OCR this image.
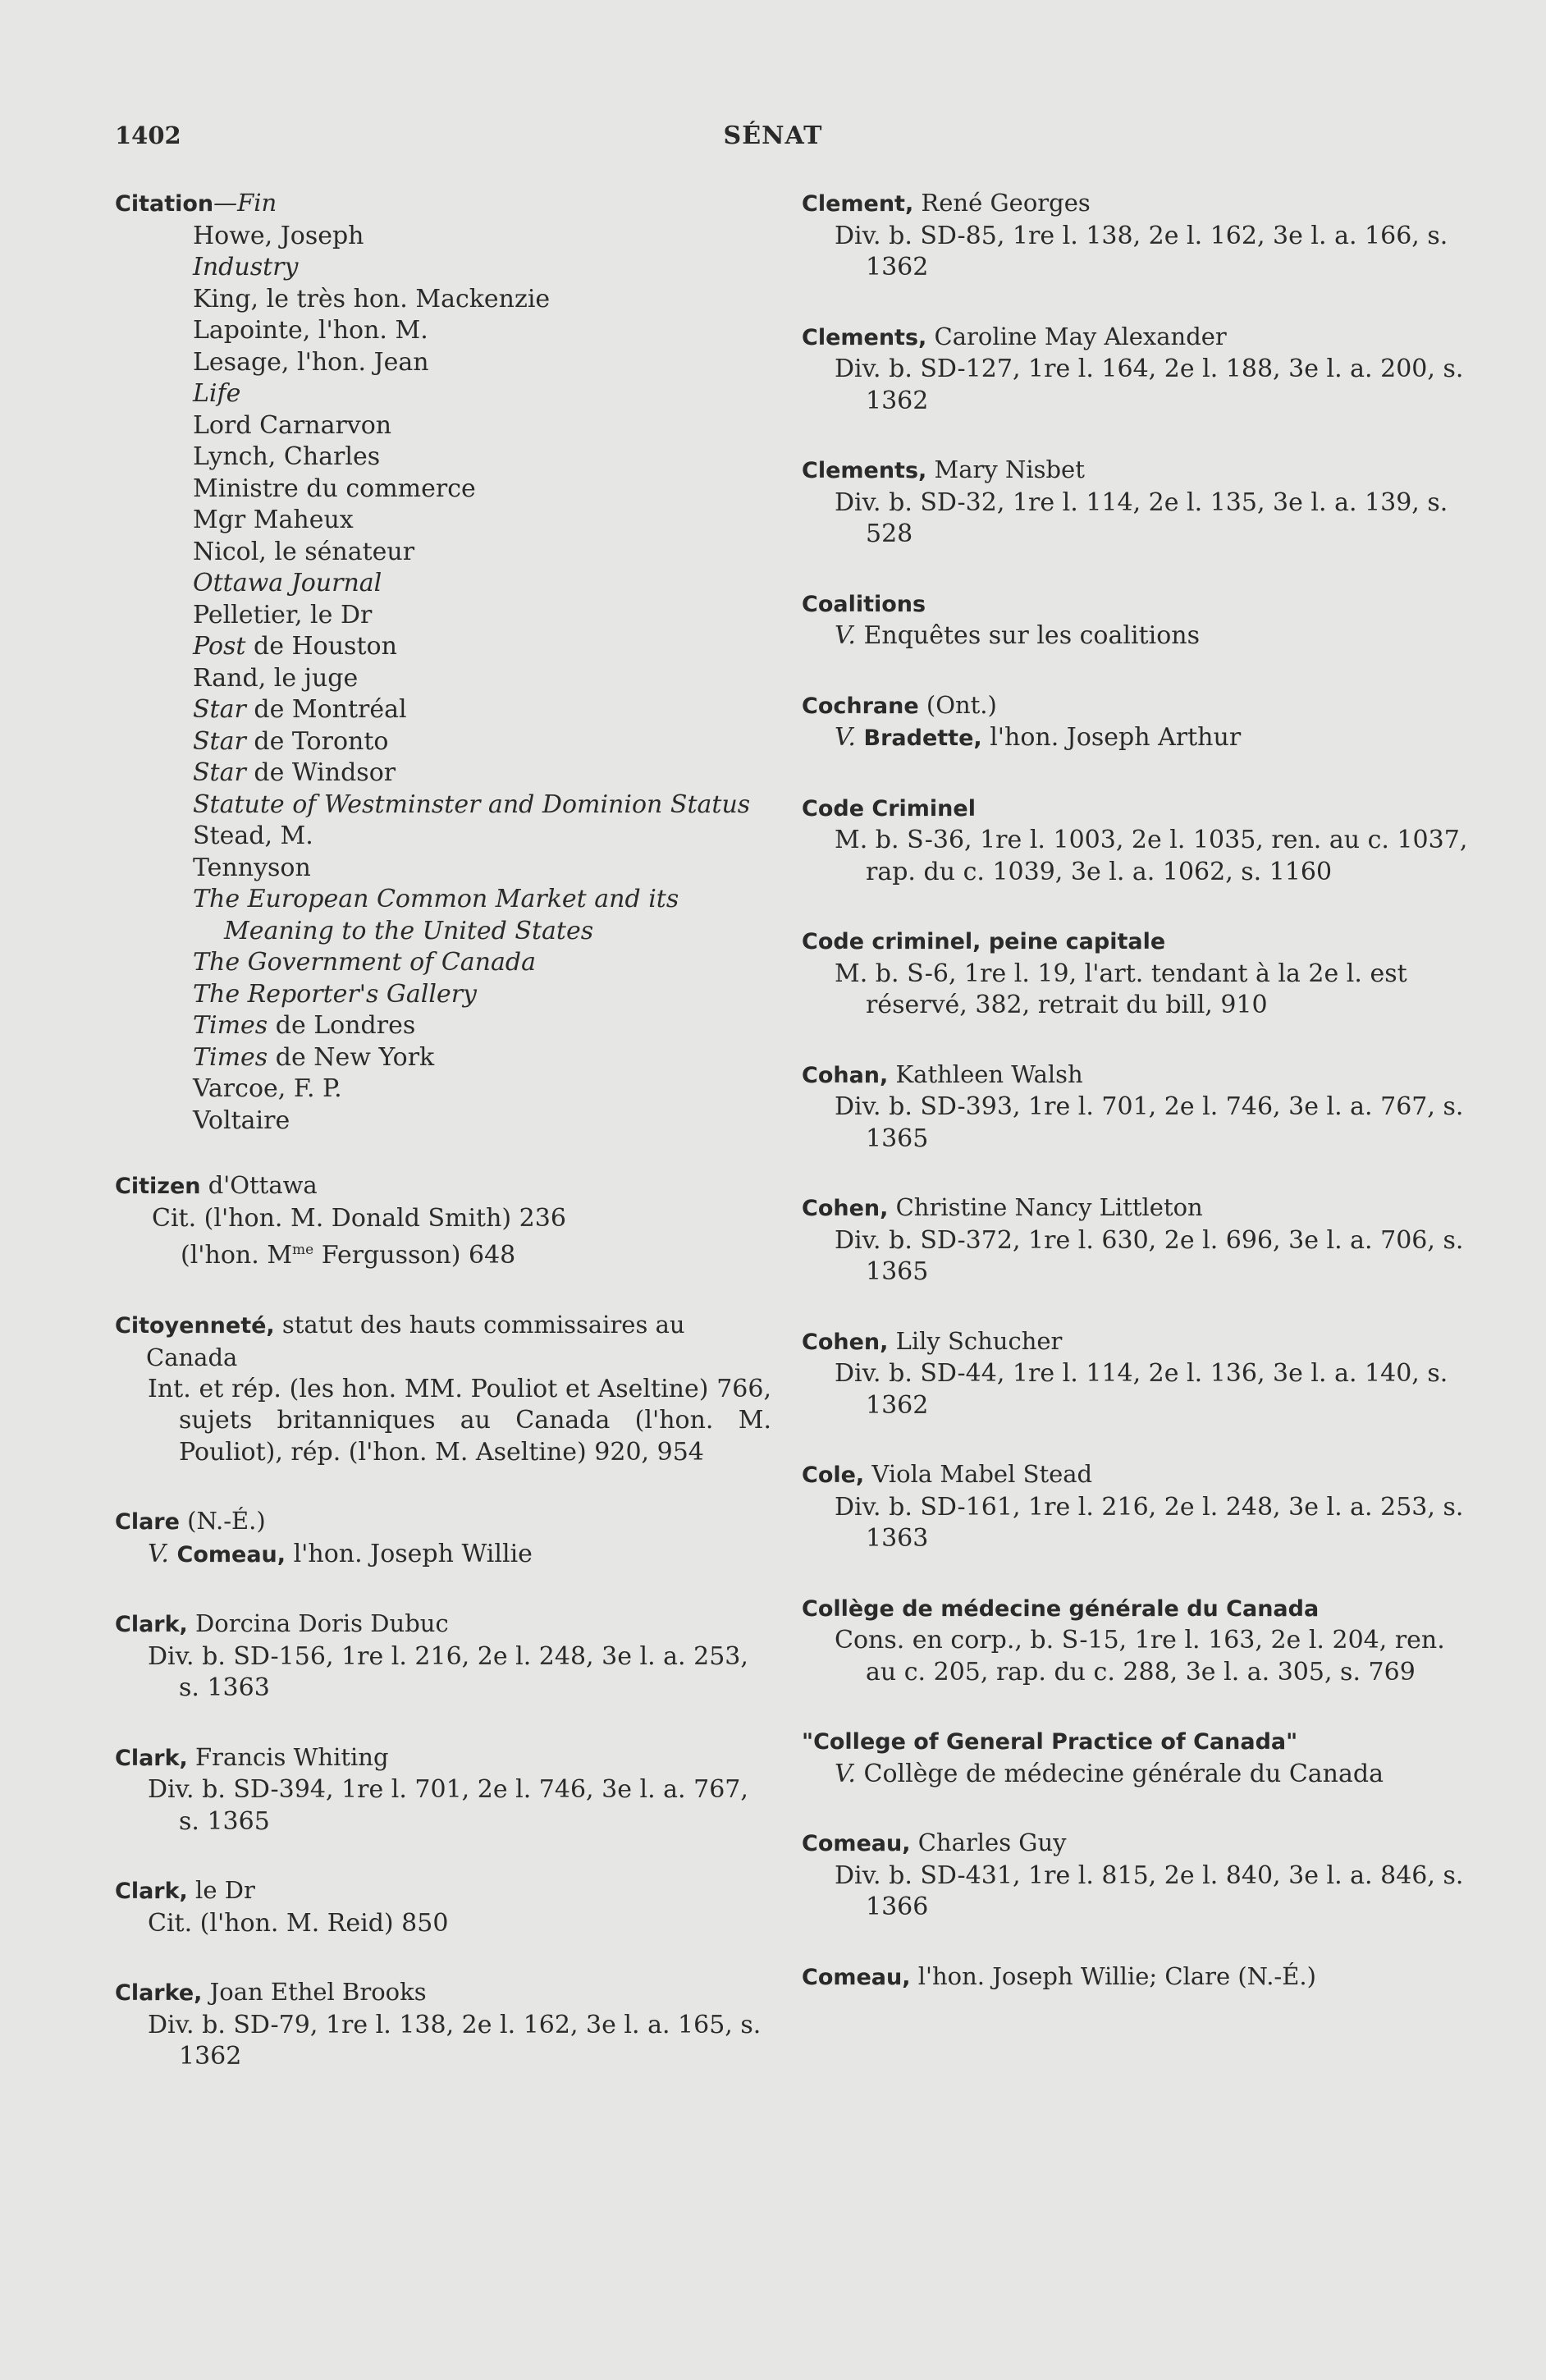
1402	SÉNAT
Citation—Fin
Howe, Joseph
Industry
King, le très hon. Mackenzie
Lapointe, l'hon. M.
Lesage, l'hon. Jean
Life
Lord Carnarvon
Lynch, Charles
Ministre du commerce
Mgr Maheux
Nicol, le sénateur
Ottawa Journal
Pelletier, le Dr
Post de Houston
Rand, le juge
Star de Montréal
Star de Toronto
Star de Windsor
Statute of Westminster and Dominion Status
Stead, M.
Tennyson
The European Common Market and its Meaning to the United States
The Government of Canada
The Reporter's Gallery
Times de Londres
Times de New York
Varcoe, F. P.
Voltaire
Citizen d'Ottawa
Cit. (l'hon. M. Donald Smith) 236
(l'hon. $M^{me}$ Fergusson) 648
Citoyenneté, statut des hauts commissaires au Canada
Int. et rép. (les hon. MM. Pouliot et Aseltine) 766, sujets britanniques au Canada (l'hon. M. Pouliot), rép. (l'hon. M. Aseltine) 920, 954
Clare (N.-É.)
V. Comeau, l'hon. Joseph Willie
Clark, Dorcina Doris Dubuc
Div. b. SD-156, 1re l. 216, 2e l. 248, 3e l. a. 253, s. 1363
Clark, Francis Whiting
Div. b. SD-394, 1re l. 701, 2e l. 746, 3e l. a. 767, s. 1365
Clark, le Dr
Cit. (l'hon. M. Reid) 850
Clarke, Joan Ethel Brooks
Div. b. SD-79, 1re l. 138, 2e l. 162, 3e l. a. 165, s. 1362
Clement, René Georges
Div. b. SD-85, 1re l. 138, 2e l. 162, 3e l. a. 166, s. 1362
Clements, Caroline May Alexander
Div. b. SD-127, 1re l. 164, 2e l. 188, 3e l. a. 200, s. 1362
Clements, Mary Nisbet
Div. b. SD-32, 1re l. 114, 2e l. 135, 3e l. a. 139, s. 528
Coalitions
V. Enquêtes sur les coalitions
Cochrane (Ont.)
V. Bradette, l'hon. Joseph Arthur
Code Criminel
M. b. S-36, 1re l. 1003, 2e l. 1035, ren. au c. 1037, rap. du c. 1039, 3e l. a. 1062, s. 1160
Code criminel, peine capitale
M. b. S-6, 1re l. 19, l'art. tendant à la 2e l. est réservé, 382, retrait du bill, 910
Cohan, Kathleen Walsh
Div. b. SD-393, 1re l. 701, 2e l. 746, 3e l. a. 767, s. 1365
Cohen, Christine Nancy Littleton
Div. b. SD-372, 1re l. 630, 2e l. 696, 3e l. a. 706, s. 1365
Cohen, Lily Schucher
Div. b. SD-44, 1re l. 114, 2e l. 136, 3e l. a. 140, s. 1362
Cole, Viola Mabel Stead
Div. b. SD-161, 1re l. 216, 2e l. 248, 3e l. a. 253, s. 1363
Collège de médecine générale du Canada
Cons. en corp., b. S-15, 1re l. 163, 2e l. 204, ren. au c. 205, rap. du c. 288, 3e l. a. 305, s. 769
"College of General Practice of Canada"
V. Collège de médecine générale du Canada
Comeau, Charles Guy
Div. b. SD-431, 1re l. 815, 2e l. 840, 3e l. a. 846, s. 1366
Comeau, l'hon. Joseph Willie; Clare (N.-É.)
